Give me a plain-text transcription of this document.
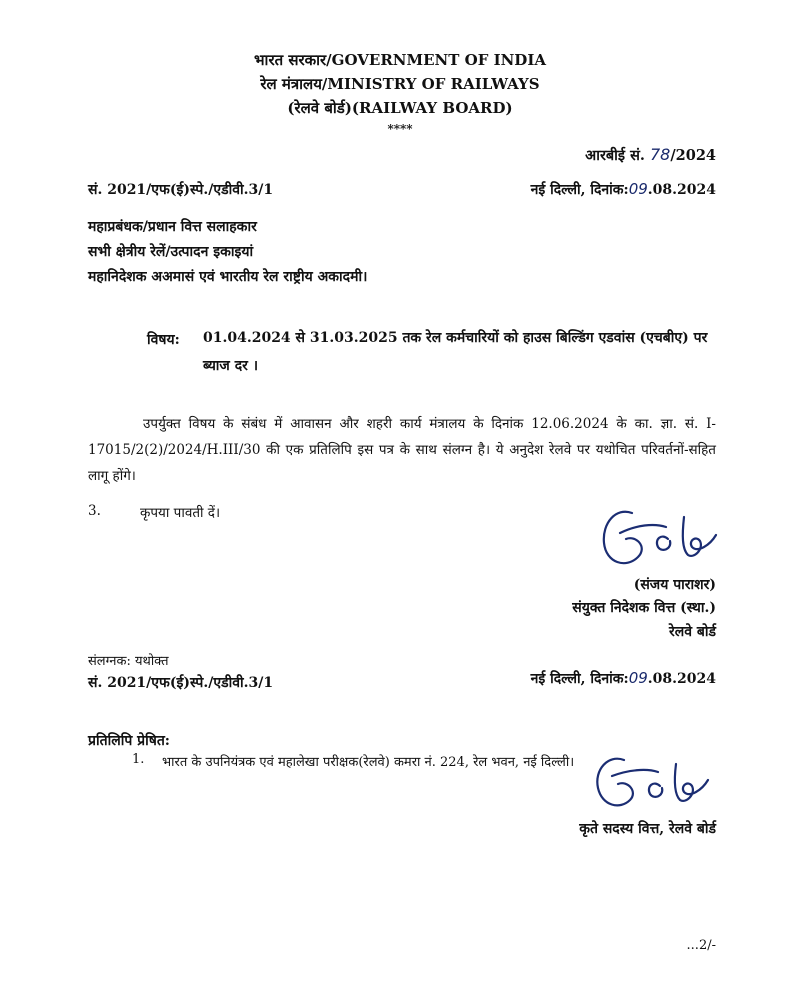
भारत सरकार/GOVERNMENT OF INDIA
रेल मंत्रालय/MINISTRY OF RAILWAYS
(रेलवे बोर्ड)(RAILWAY BOARD)
****
आरबीई सं. 78/2024
सं. 2021/एफ(ई)स्पे./एडीवी.3/1	नई दिल्ली, दिनांक:09.08.2024
महाप्रबंधक/प्रधान वित्त सलाहकार
सभी क्षेत्रीय रेलें/उत्पादन इकाइयां
महानिदेशक अअमासं एवं भारतीय रेल राष्ट्रीय अकादमी।
विषय: 01.04.2024 से 31.03.2025 तक रेल कर्मचारियों को हाउस बिल्डिंग एडवांस (एचबीए) पर ब्याज दर ।
उपर्युक्त विषय के संबंध में आवासन और शहरी कार्य मंत्रालय के दिनांक 12.06.2024 के का. ज्ञा. सं. I-17015/2(2)/2024/H.III/30 की एक प्रतिलिपि इस पत्र के साथ संलग्न है। ये अनुदेश रेलवे पर यथोचित परिवर्तनों-सहित लागू होंगे।
3.	कृपया पावती दें।
(संजय पाराशर)
संयुक्त निदेशक वित्त (स्था.)
रेलवे बोर्ड
संलग्नक: यथोक्त
सं. 2021/एफ(ई)स्पे./एडीवी.3/1	नई दिल्ली, दिनांक:09.08.2024
प्रतिलिपि प्रेषित:
1. भारत के उपनियंत्रक एवं महालेखा परीक्षक(रेलवे) कमरा नं. 224, रेल भवन, नई दिल्ली।
कृते सदस्य वित्त, रेलवे बोर्ड
...2/-
